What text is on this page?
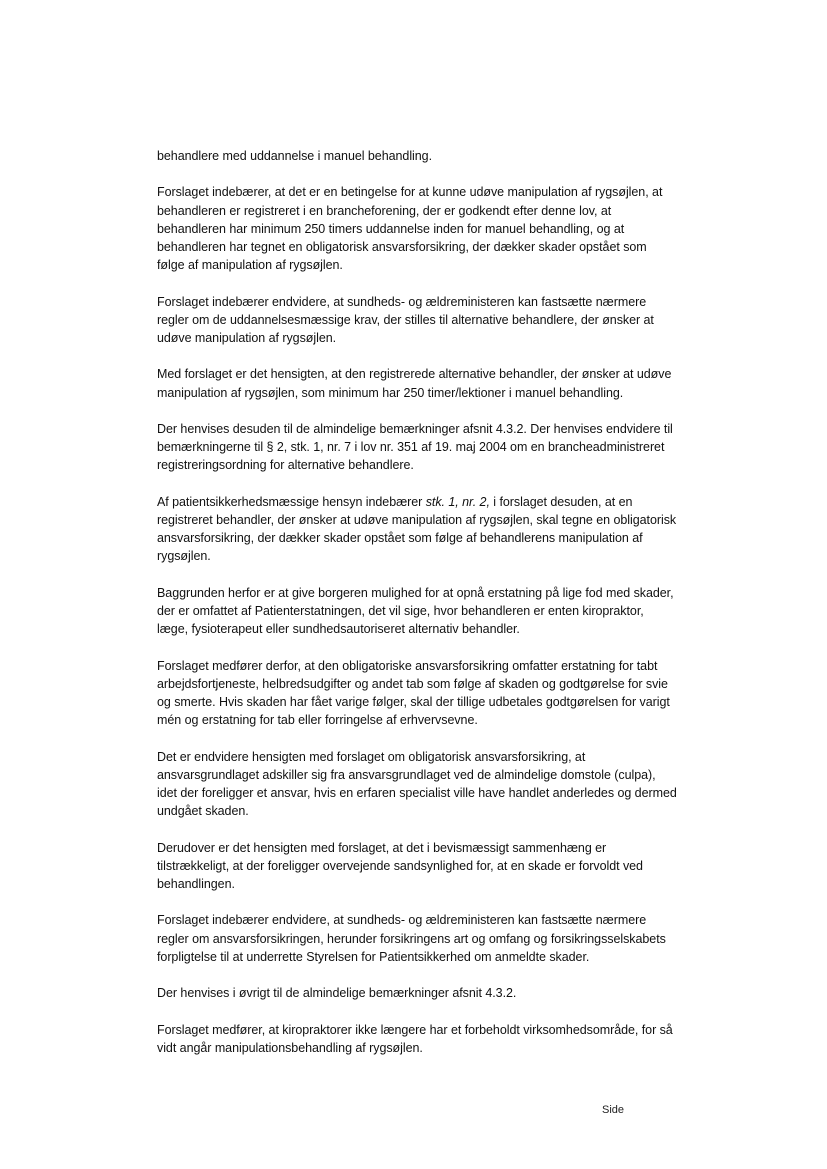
behandlere med uddannelse i manuel behandling.

Forslaget indebærer, at det er en betingelse for at kunne udøve manipulation af rygsøjlen, at behandleren er registreret i en brancheforening, der er godkendt efter denne lov, at behandleren har minimum 250 timers uddannelse inden for manuel behandling, og at behandleren har tegnet en obligatorisk ansvarsforsikring, der dækker skader opstået som følge af manipulation af rygsøjlen.

Forslaget indebærer endvidere, at sundheds- og ældreministeren kan fastsætte nærmere regler om de uddannelsesmæssige krav, der stilles til alternative behandlere, der ønsker at udøve manipulation af rygsøjlen.

Med forslaget er det hensigten, at den registrerede alternative behandler, der ønsker at udøve manipulation af rygsøjlen, som minimum har 250 timer/lektioner i manuel behandling.

Der henvises desuden til de almindelige bemærkninger afsnit 4.3.2. Der henvises endvidere til bemærkningerne til § 2, stk. 1, nr. 7 i lov nr. 351 af 19. maj 2004 om en brancheadministreret registreringsordning for alternative behandlere.

Af patientsikkerhedsmæssige hensyn indebærer stk. 1, nr. 2, i forslaget desuden, at en registreret behandler, der ønsker at udøve manipulation af rygsøjlen, skal tegne en obligatorisk ansvarsforsikring, der dækker skader opstået som følge af behandlerens manipulation af rygsøjlen.

Baggrunden herfor er at give borgeren mulighed for at opnå erstatning på lige fod med skader, der er omfattet af Patienterstatningen, det vil sige, hvor behandleren er enten kiropraktor, læge, fysioterapeut eller sundhedsautoriseret alternativ behandler.

Forslaget medfører derfor, at den obligatoriske ansvarsforsikring omfatter erstatning for tabt arbejdsfortjeneste, helbredsudgifter og andet tab som følge af skaden og godtgørelse for svie og smerte. Hvis skaden har fået varige følger, skal der tillige udbetales godtgørelsen for varigt mén og erstatning for tab eller forringelse af erhvervsevne.

Det er endvidere hensigten med forslaget om obligatorisk ansvarsforsikring, at ansvarsgrundlaget adskiller sig fra ansvarsgrundlaget ved de almindelige domstole (culpa), idet der foreligger et ansvar, hvis en erfaren specialist ville have handlet anderledes og dermed undgået skaden.

Derudover er det hensigten med forslaget, at det i bevismæssigt sammenhæng er tilstrækkeligt, at der foreligger overvejende sandsynlighed for, at en skade er forvoldt ved behandlingen.

Forslaget indebærer endvidere, at sundheds- og ældreministeren kan fastsætte nærmere regler om ansvarsforsikringen, herunder forsikringens art og omfang og forsikringsselskabets forpligtelse til at underrette Styrelsen for Patientsikkerhed om anmeldte skader.

Der henvises i øvrigt til de almindelige bemærkninger afsnit 4.3.2.

Forslaget medfører, at kiropraktorer ikke længere har et forbeholdt virksomhedsområde, for så vidt angår manipulationsbehandling af rygsøjlen.

Side
